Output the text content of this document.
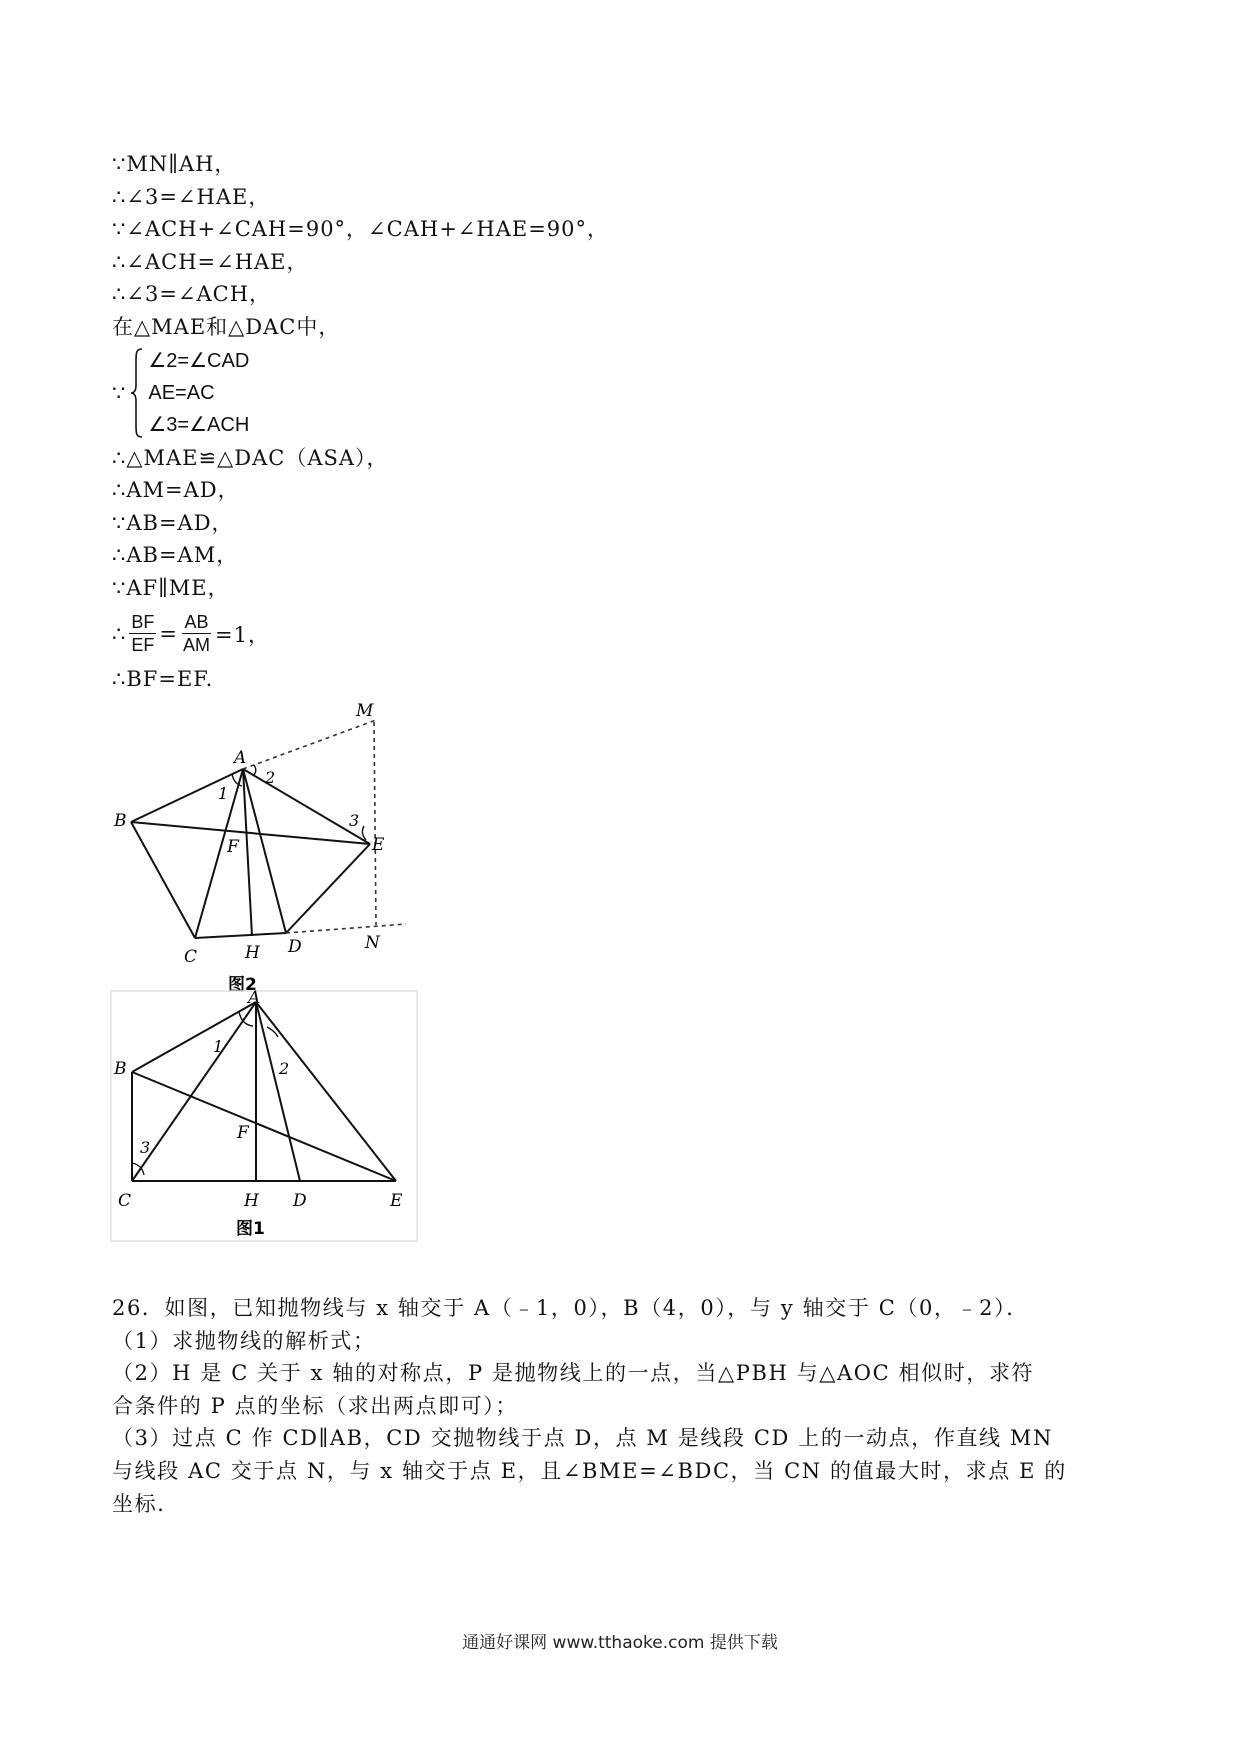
∵MN∥AH，
∴∠3=∠HAE，
∵∠ACH+∠CAH=90°，∠CAH+∠HAE=90°，
∴∠ACH=∠HAE，
∴∠3=∠ACH，
在△MAE和△DAC中，
∵
∠2=∠CAD
AE=AC
∠3=∠ACH
∴△MAE≌△DAC（ASA），
∴AM=AD，
∵AB=AD，
∴AB=AM，
∵AF∥ME，
∴ $\frac{BF}{EF} = \frac{AB}{AM} =1$，
∴BF=EF.
M
A
1
2
3
B
E
F
C	H D	N
图2
A
1
2
3
B
F
C	H D	E
图1
26．如图，已知抛物线与 x 轴交于 A（﹣1，0），B（4，0），与 y 轴交于 C（0，﹣2）．
（1）求抛物线的解析式；
（2）H 是 C 关于 x 轴的对称点，P 是抛物线上的一点，当△PBH 与△AOC 相似时，求符
合条件的 P 点的坐标（求出两点即可）；
（3）过点 C 作 CD∥AB，CD 交抛物线于点 D，点 M 是线段 CD 上的一动点，作直线 MN
与线段 AC 交于点 N，与 x 轴交于点 E，且∠BME=∠BDC，当 CN 的值最大时，求点 E 的
坐标．
通通好课网 www.tthaoke.com 提供下载
